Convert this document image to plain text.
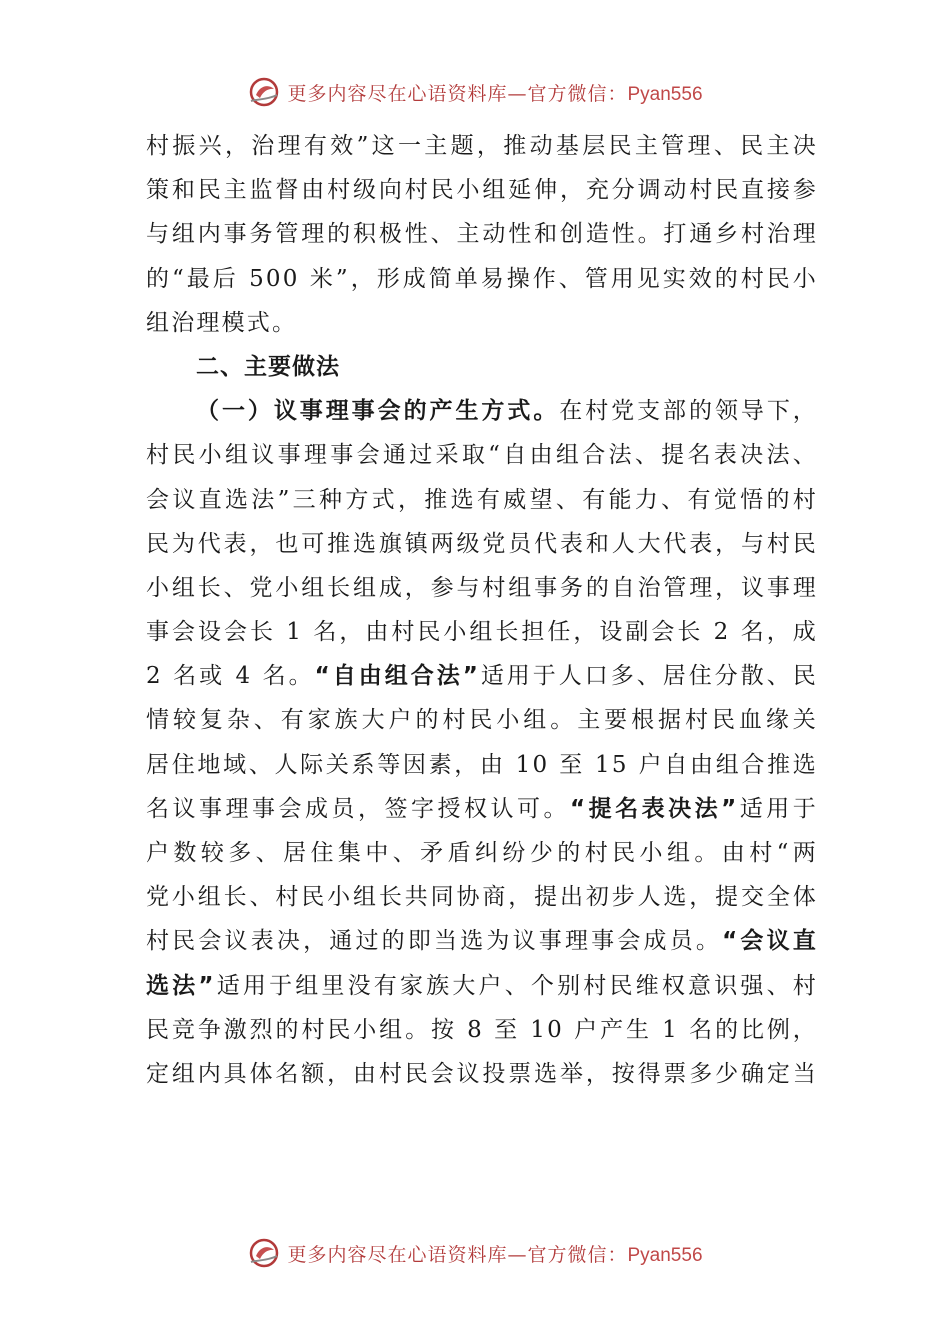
更多内容尽在心语资料库—官方微信：Pyan556
村振兴，治理有效”这一主题，推动基层民主管理、民主决
策和民主监督由村级向村民小组延伸，充分调动村民直接参
与组内事务管理的积极性、主动性和创造性。打通乡村治理
的“最后 500 米”，形成简单易操作、管用见实效的村民小
组治理模式。
二、主要做法
（一）议事理事会的产生方式。在村党支部的领导下，
村民小组议事理事会通过采取“自由组合法、提名表决法、
会议直选法”三种方式，推选有威望、有能力、有觉悟的村
民为代表，也可推选旗镇两级党员代表和人大代表，与村民
小组长、党小组长组成，参与村组事务的自治管理，议事理
事会设会长 1 名，由村民小组长担任，设副会长 2 名，成
2 名或 4 名。“自由组合法”适用于人口多、居住分散、民
情较复杂、有家族大户的村民小组。主要根据村民血缘关
居住地域、人际关系等因素，由 10 至 15 户自由组合推选
名议事理事会成员，签字授权认可。“提名表决法”适用于
户数较多、居住集中、矛盾纠纷少的村民小组。由村“两
党小组长、村民小组长共同协商，提出初步人选，提交全体
村民会议表决，通过的即当选为议事理事会成员。“会议直
选法”适用于组里没有家族大户、个别村民维权意识强、村
民竞争激烈的村民小组。按 8 至 10 户产生 1 名的比例，
定组内具体名额，由村民会议投票选举，按得票多少确定当
更多内容尽在心语资料库—官方微信：Pyan556
